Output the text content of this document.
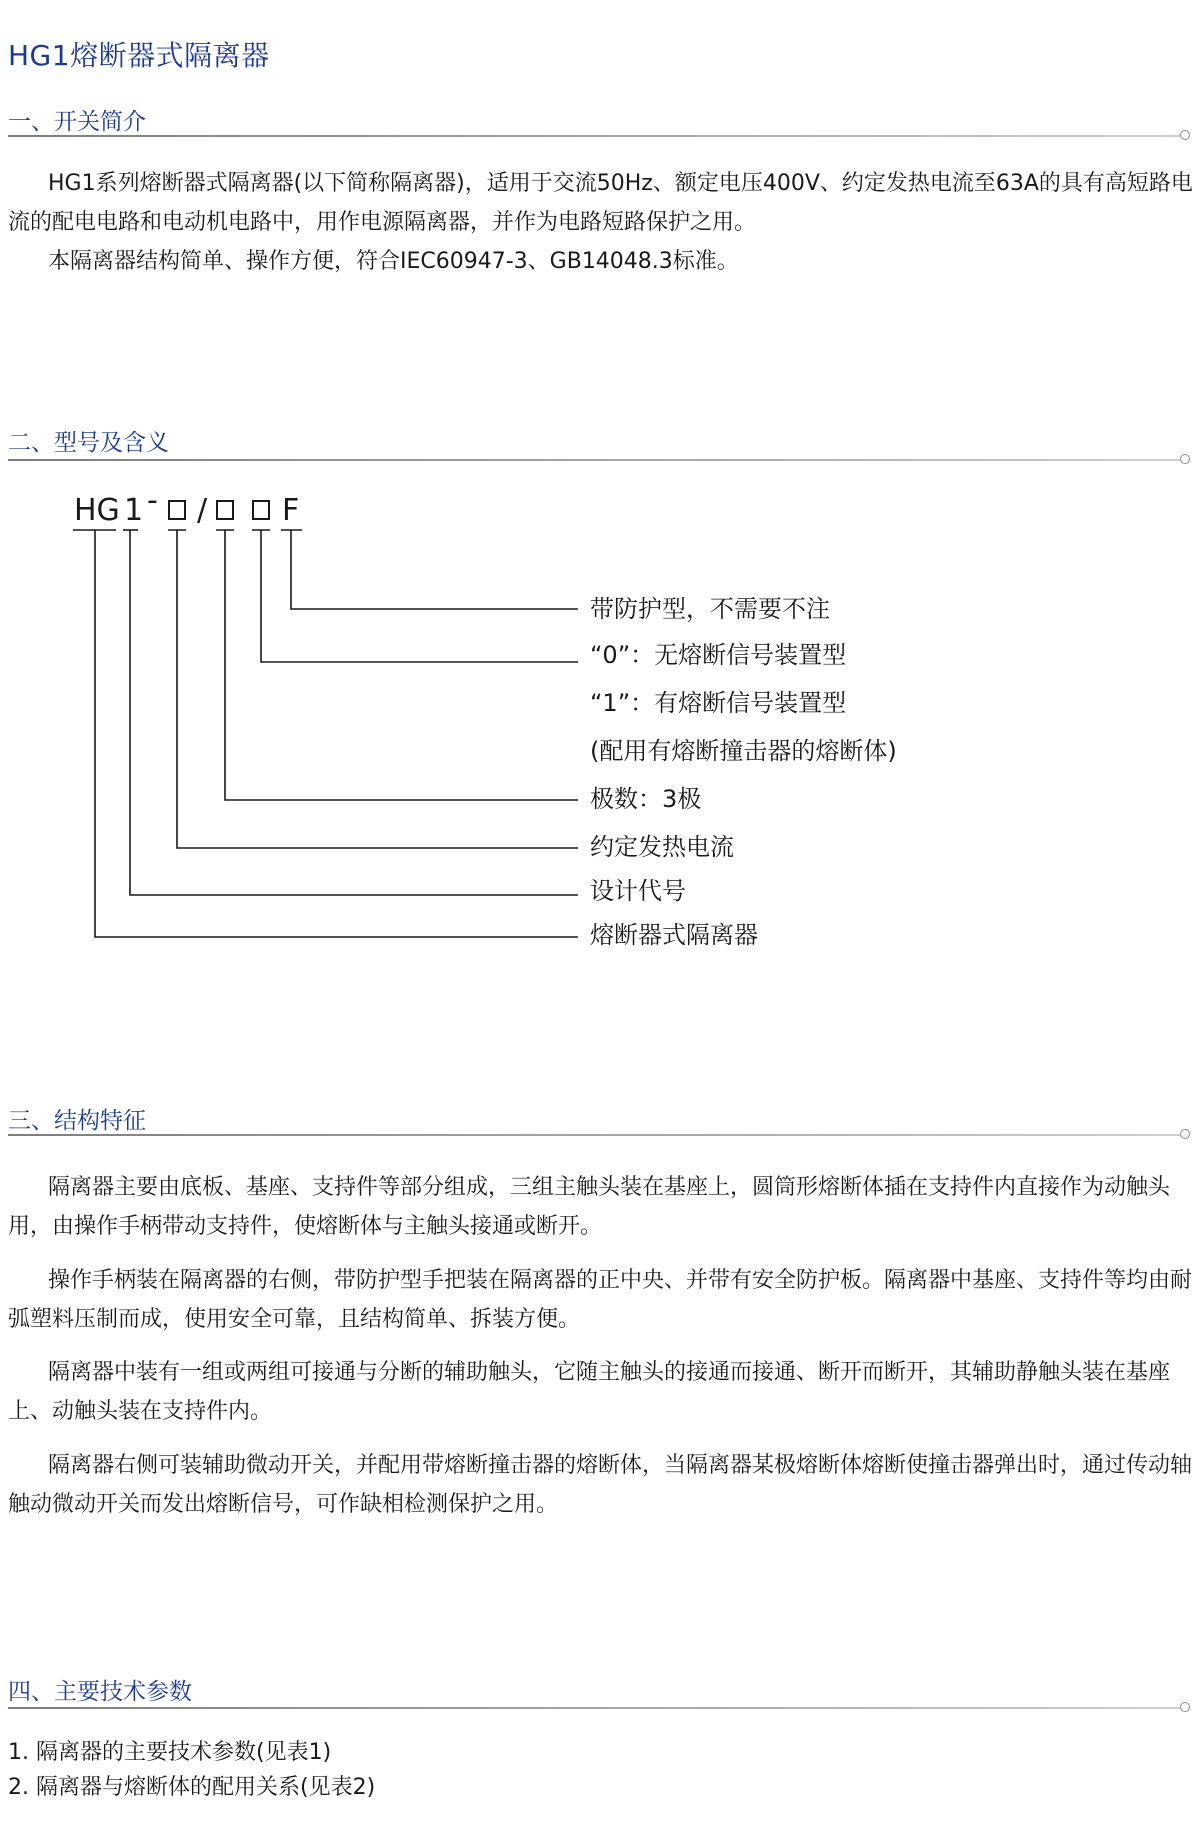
HG1熔断器式隔离器
一、开关简介

HG1系列熔断器式隔离器(以下简称隔离器)，适用于交流50Hz、额定电压400V、约定发热电流至63A的具有高短路电流的配电电路和电动机电路中，用作电源隔离器，并作为电路短路保护之用。

本隔离器结构简单、操作方便，符合IEC60947-3、GB14048.3标准。

二、型号及含义
HG 1 - / F
带防护型，不需要不注
“0”：无熔断信号装置型
“1”：有熔断信号装置型
(配用有熔断撞击器的熔断体)
极数：3极
约定发热电流
设计代号
熔断器式隔离器
三、结构特征

隔离器主要由底板、基座、支持件等部分组成，三组主触头装在基座上，圆筒形熔断体插在支持件内直接作为动触头用，由操作手柄带动支持件，使熔断体与主触头接通或断开。

操作手柄装在隔离器的右侧，带防护型手把装在隔离器的正中央、并带有安全防护板。隔离器中基座、支持件等均由耐弧塑料压制而成，使用安全可靠，且结构简单、拆装方便。

隔离器中装有一组或两组可接通与分断的辅助触头，它随主触头的接通而接通、断开而断开，其辅助静触头装在基座上、动触头装在支持件内。

隔离器右侧可装辅助微动开关，并配用带熔断撞击器的熔断体，当隔离器某极熔断体熔断使撞击器弹出时，通过传动轴触动微动开关而发出熔断信号，可作缺相检测保护之用。

四、主要技术参数

1. 隔离器的主要技术参数(见表1)

2. 隔离器与熔断体的配用关系(见表2)
